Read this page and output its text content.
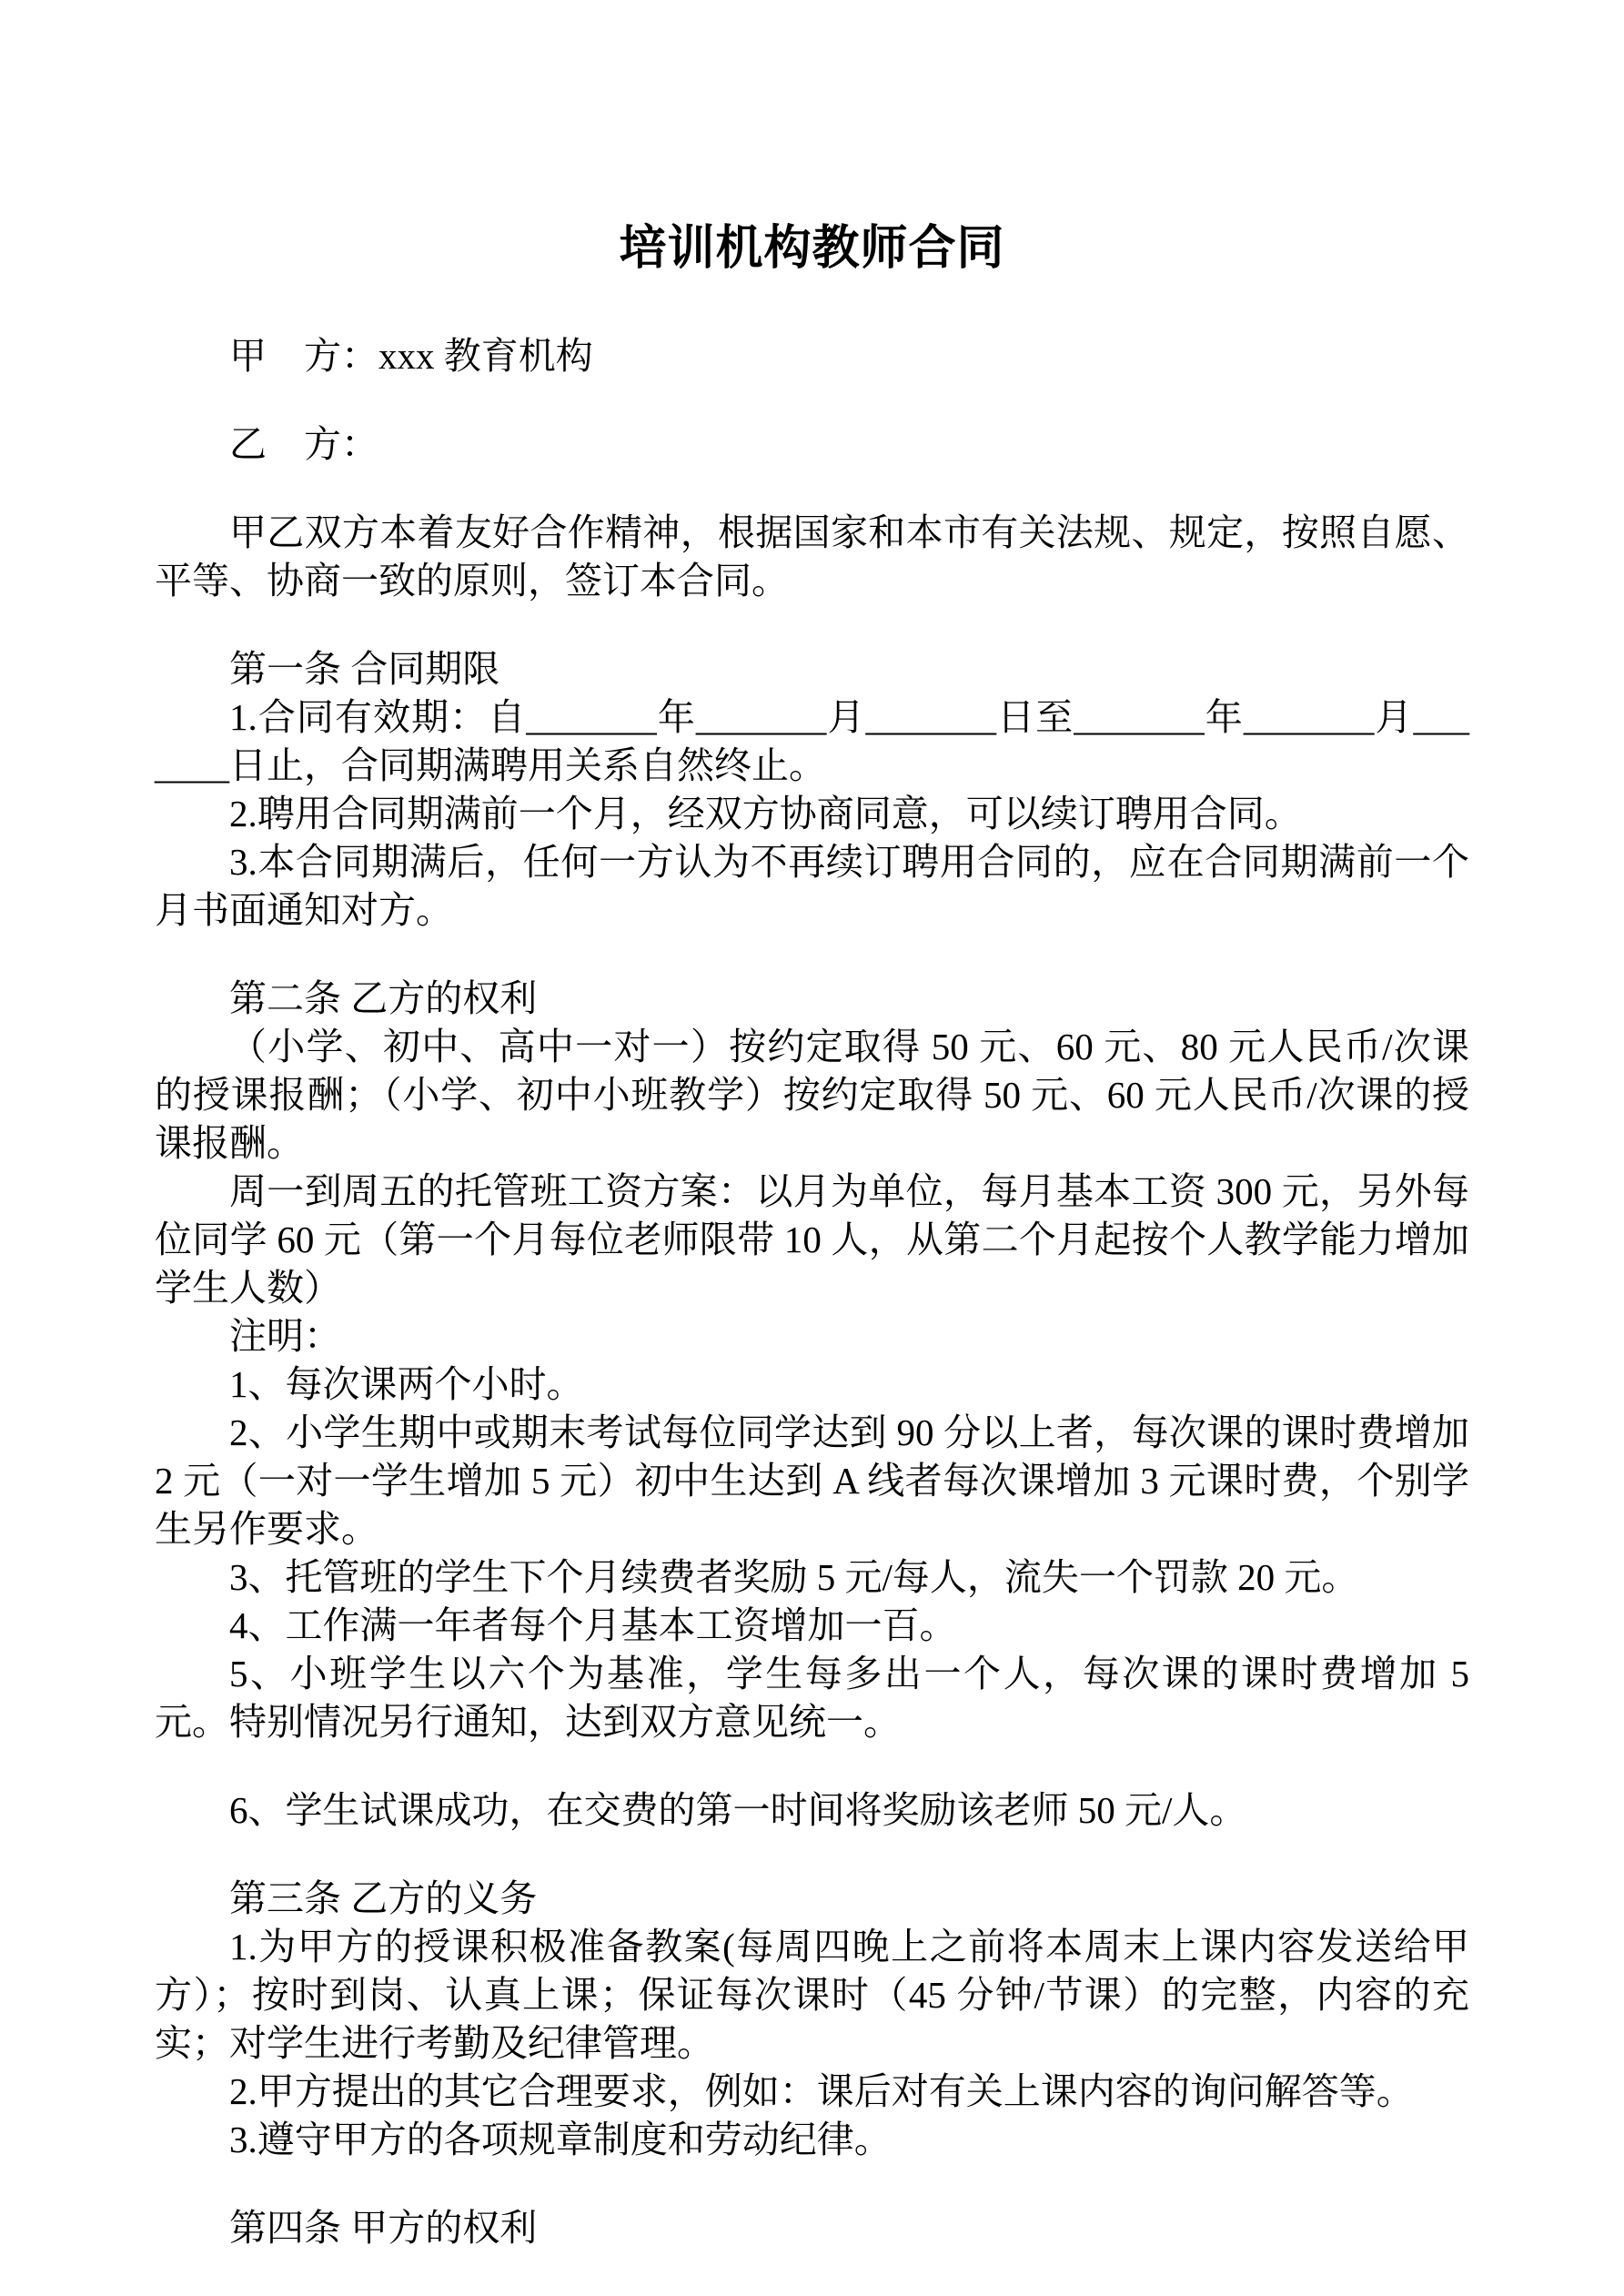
培训机构教师合同

甲　方：xxx 教育机构

乙　方：

甲乙双方本着友好合作精神，根据国家和本市有关法规、规定，按照自愿、平等、协商一致的原则，签订本合同。

第一条 合同期限

1.合同有效期：自_______年_______月_______日至_______年_______月_______日止，合同期满聘用关系自然终止。

2.聘用合同期满前一个月，经双方协商同意，可以续订聘用合同。

3.本合同期满后，任何一方认为不再续订聘用合同的，应在合同期满前一个月书面通知对方。

第二条 乙方的权利

（小学、初中、高中一对一）按约定取得 50 元、60 元、80 元人民币/次课的授课报酬；（小学、初中小班教学）按约定取得 50 元、60 元人民币/次课的授课报酬。

周一到周五的托管班工资方案：以月为单位，每月基本工资 300 元，另外每位同学 60 元（第一个月每位老师限带 10 人，从第二个月起按个人教学能力增加学生人数）

注明：

1、每次课两个小时。

2、小学生期中或期末考试每位同学达到 90 分以上者，每次课的课时费增加 2 元（一对一学生增加 5 元）初中生达到 A 线者每次课增加 3 元课时费，个别学生另作要求。

3、托管班的学生下个月续费者奖励 5 元/每人，流失一个罚款 20 元。

4、工作满一年者每个月基本工资增加一百。

5、小班学生以六个为基准，学生每多出一个人，每次课的课时费增加 5 元。特别情况另行通知，达到双方意见统一。

6、学生试课成功，在交费的第一时间将奖励该老师 50 元/人。

第三条 乙方的义务

1.为甲方的授课积极准备教案(每周四晚上之前将本周末上课内容发送给甲方）；按时到岗、认真上课；保证每次课时（45 分钟/节课）的完整，内容的充实；对学生进行考勤及纪律管理。

2.甲方提出的其它合理要求，例如：课后对有关上课内容的询问解答等。

3.遵守甲方的各项规章制度和劳动纪律。

第四条 甲方的权利
